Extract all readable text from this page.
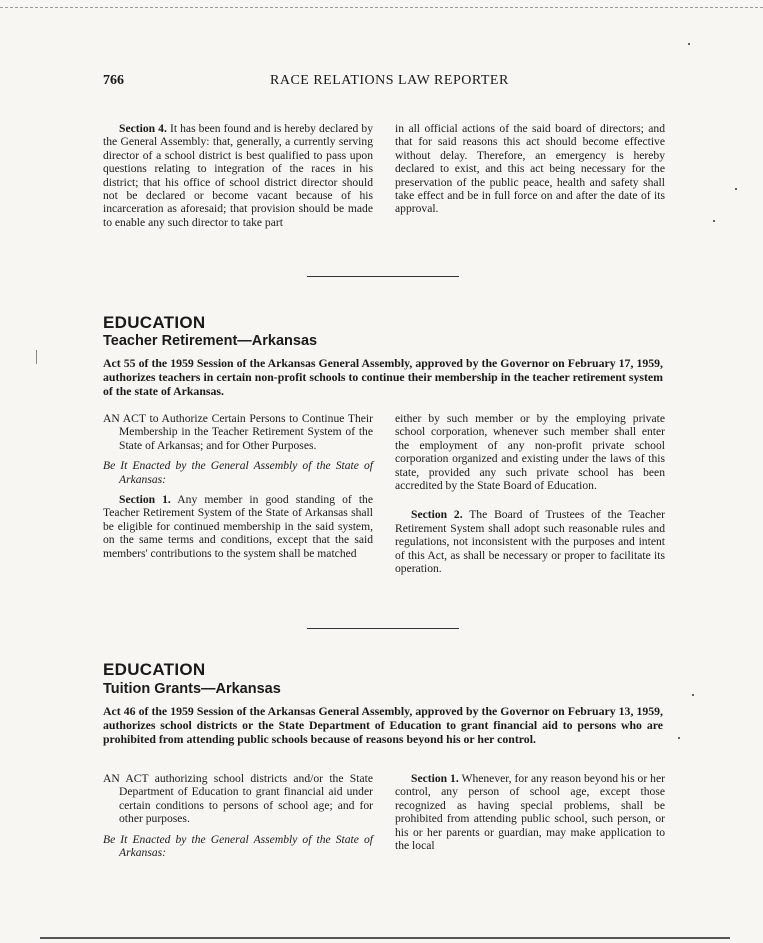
766	RACE RELATIONS LAW REPORTER

Section 4. It has been found and is hereby declared by the General Assembly: that, generally, a currently serving director of a school district is best qualified to pass upon questions relating to integration of the races in his district; that his office of school district director should not be declared or become vacant because of his incarceration as aforesaid; that provision should be made to enable any such director to take part

in all official actions of the said board of directors; and that for said reasons this act should become effective without delay. Therefore, an emergency is hereby declared to exist, and this act being necessary for the preservation of the public peace, health and safety shall take effect and be in full force on and after the date of its approval.

EDUCATION
Teacher Retirement—Arkansas
Act 55 of the 1959 Session of the Arkansas General Assembly, approved by the Governor on February 17, 1959, authorizes teachers in certain non-profit schools to continue their membership in the teacher retirement system of the state of Arkansas.

AN ACT to Authorize Certain Persons to Continue Their Membership in the Teacher Retirement System of the State of Arkansas; and for Other Purposes.

Be It Enacted by the General Assembly of the State of Arkansas:

Section 1. Any member in good standing of the Teacher Retirement System of the State of Arkansas shall be eligible for continued membership in the said system, on the same terms and conditions, except that the said members' contributions to the system shall be matched

either by such member or by the employing private school corporation, whenever such member shall enter the employment of any non-profit private school corporation organized and existing under the laws of this state, provided any such private school has been accredited by the State Board of Education.

Section 2. The Board of Trustees of the Teacher Retirement System shall adopt such reasonable rules and regulations, not inconsistent with the purposes and intent of this Act, as shall be necessary or proper to facilitate its operation.

EDUCATION
Tuition Grants—Arkansas
Act 46 of the 1959 Session of the Arkansas General Assembly, approved by the Governor on February 13, 1959, authorizes school districts or the State Department of Education to grant financial aid to persons who are prohibited from attending public schools because of reasons beyond his or her control.

AN ACT authorizing school districts and/or the State Department of Education to grant financial aid under certain conditions to persons of school age; and for other purposes.

Be It Enacted by the General Assembly of the State of Arkansas:

Section 1. Whenever, for any reason beyond his or her control, any person of school age, except those recognized as having special problems, shall be prohibited from attending public school, such person, or his or her parents or guardian, may make application to the local
